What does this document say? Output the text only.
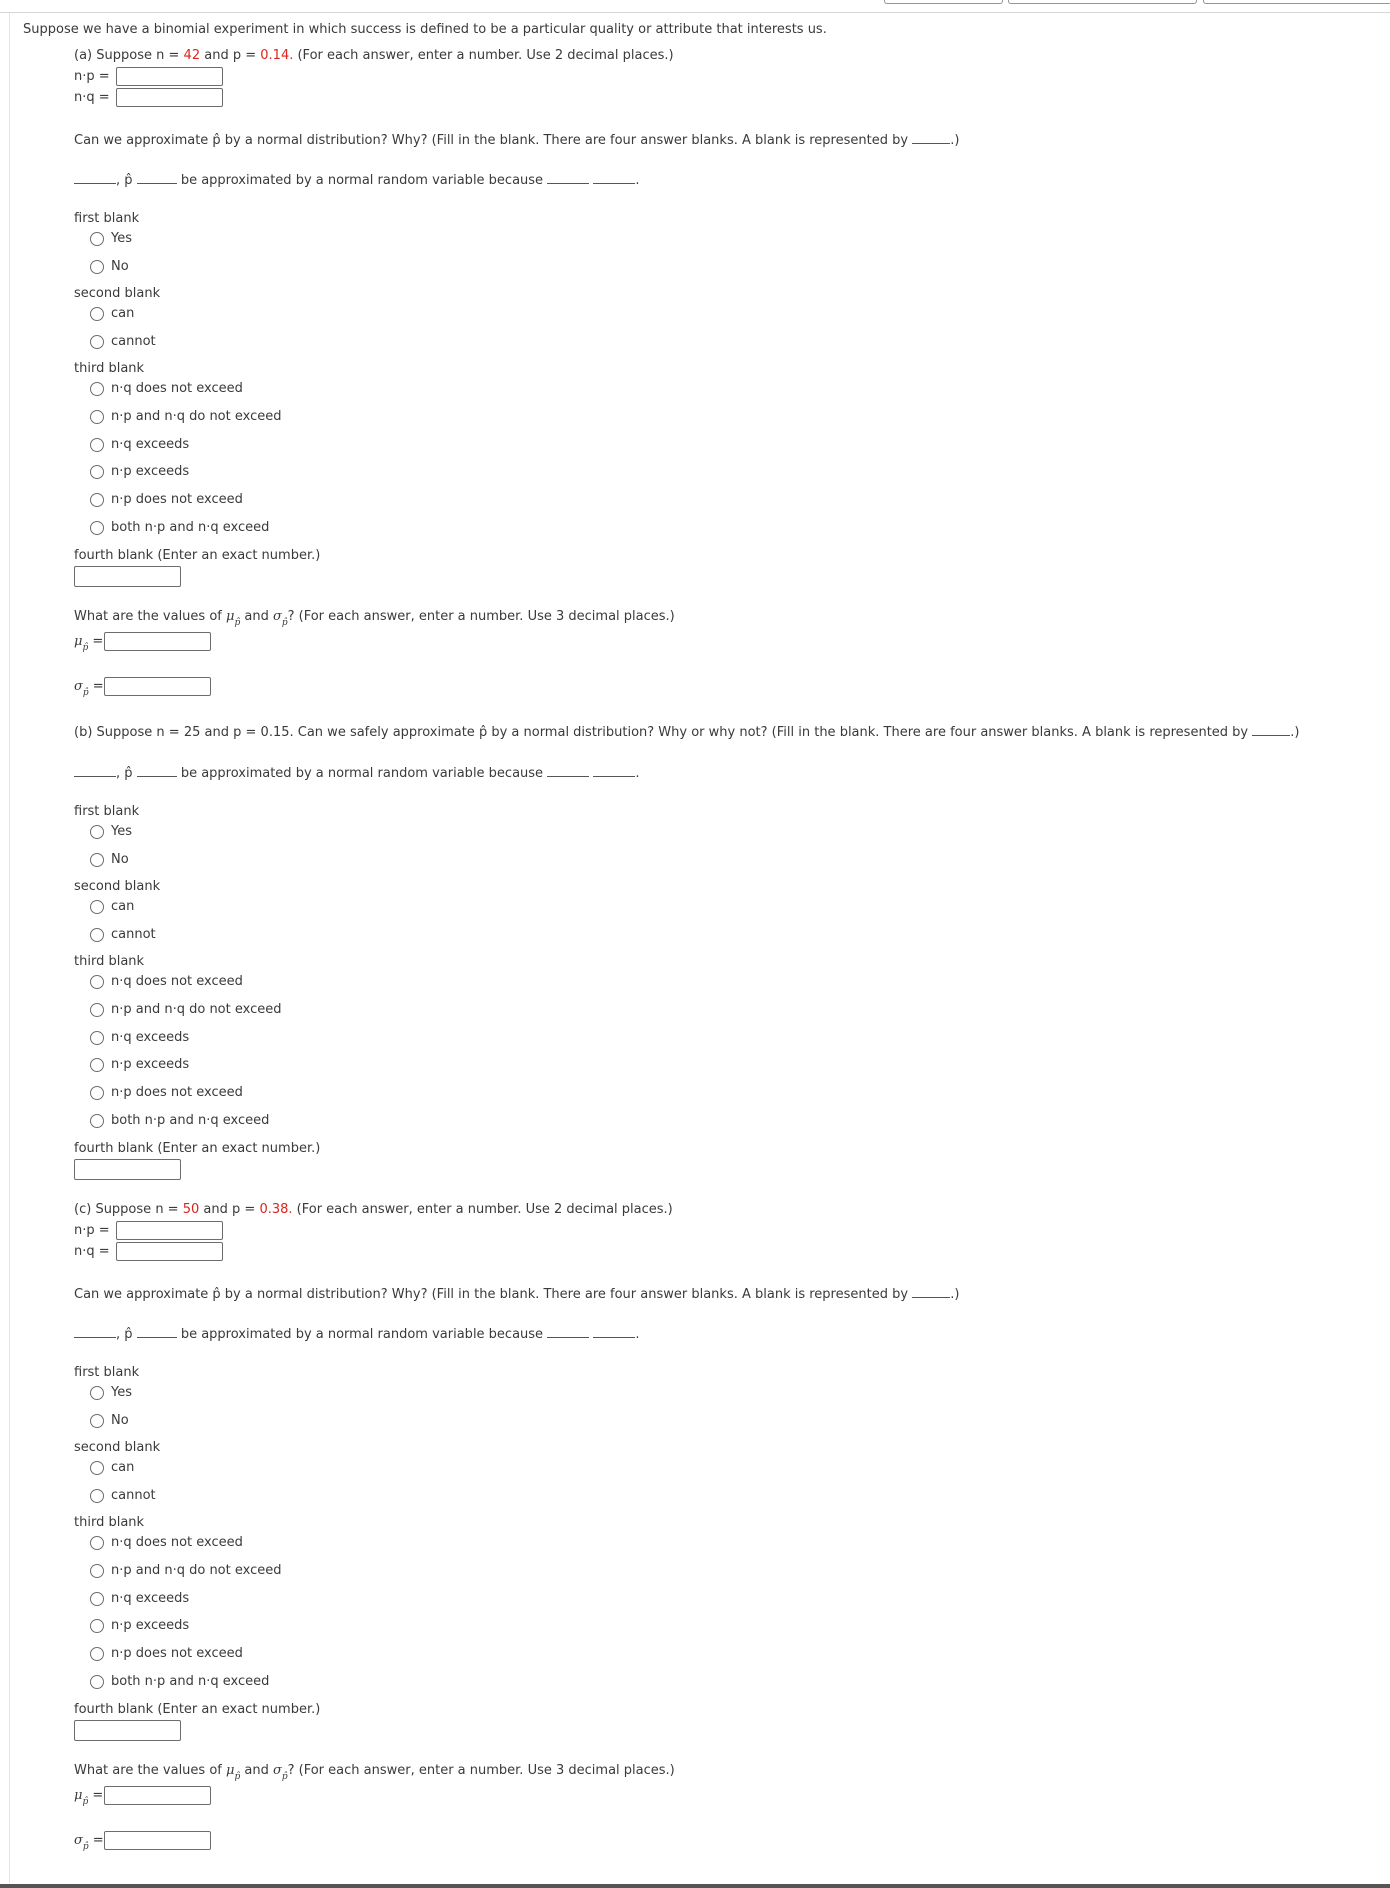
Suppose we have a binomial experiment in which success is defined to be a particular quality or attribute that interests us.
(a) Suppose n = 42 and p = 0.14. (For each answer, enter a number. Use 2 decimal places.)
n·p =
n·q =
Can we approximate p̂ by a normal distribution? Why? (Fill in the blank. There are four answer blanks. A blank is represented by	.)
, p̂	be approximated by a normal random variable because	.
first blank
Yes
No
second blank
can
cannot
third blank
n·q does not exceed
n·p and n·q do not exceed
n·q exceeds
n·p exceeds
n·p does not exceed
both n·p and n·q exceed
fourth blank (Enter an exact number.)
What are the values of $\mu_{p̂}$ and $\sigma_{p̂}$? (For each answer, enter a number. Use 3 decimal places.)
$\mu_{p̂}$ =
$\sigma_{p̂}$ =
(b) Suppose n = 25 and p = 0.15. Can we safely approximate p̂ by a normal distribution? Why or why not? (Fill in the blank. There are four answer blanks. A blank is represented by	.)
, p̂	be approximated by a normal random variable because	.
first blank
Yes
No
second blank
can
cannot
third blank
n·q does not exceed
n·p and n·q do not exceed
n·q exceeds
n·p exceeds
n·p does not exceed
both n·p and n·q exceed
fourth blank (Enter an exact number.)
(c) Suppose n = 50 and p = 0.38. (For each answer, enter a number. Use 2 decimal places.)
n·p =
n·q =
Can we approximate p̂ by a normal distribution? Why? (Fill in the blank. There are four answer blanks. A blank is represented by	.)
, p̂	be approximated by a normal random variable because	.
first blank
Yes
No
second blank
can
cannot
third blank
n·q does not exceed
n·p and n·q do not exceed
n·q exceeds
n·p exceeds
n·p does not exceed
both n·p and n·q exceed
fourth blank (Enter an exact number.)
What are the values of $\mu_{p̂}$ and $\sigma_{p̂}$? (For each answer, enter a number. Use 3 decimal places.)
$\mu_{p̂}$ =
$\sigma_{p̂}$ =
